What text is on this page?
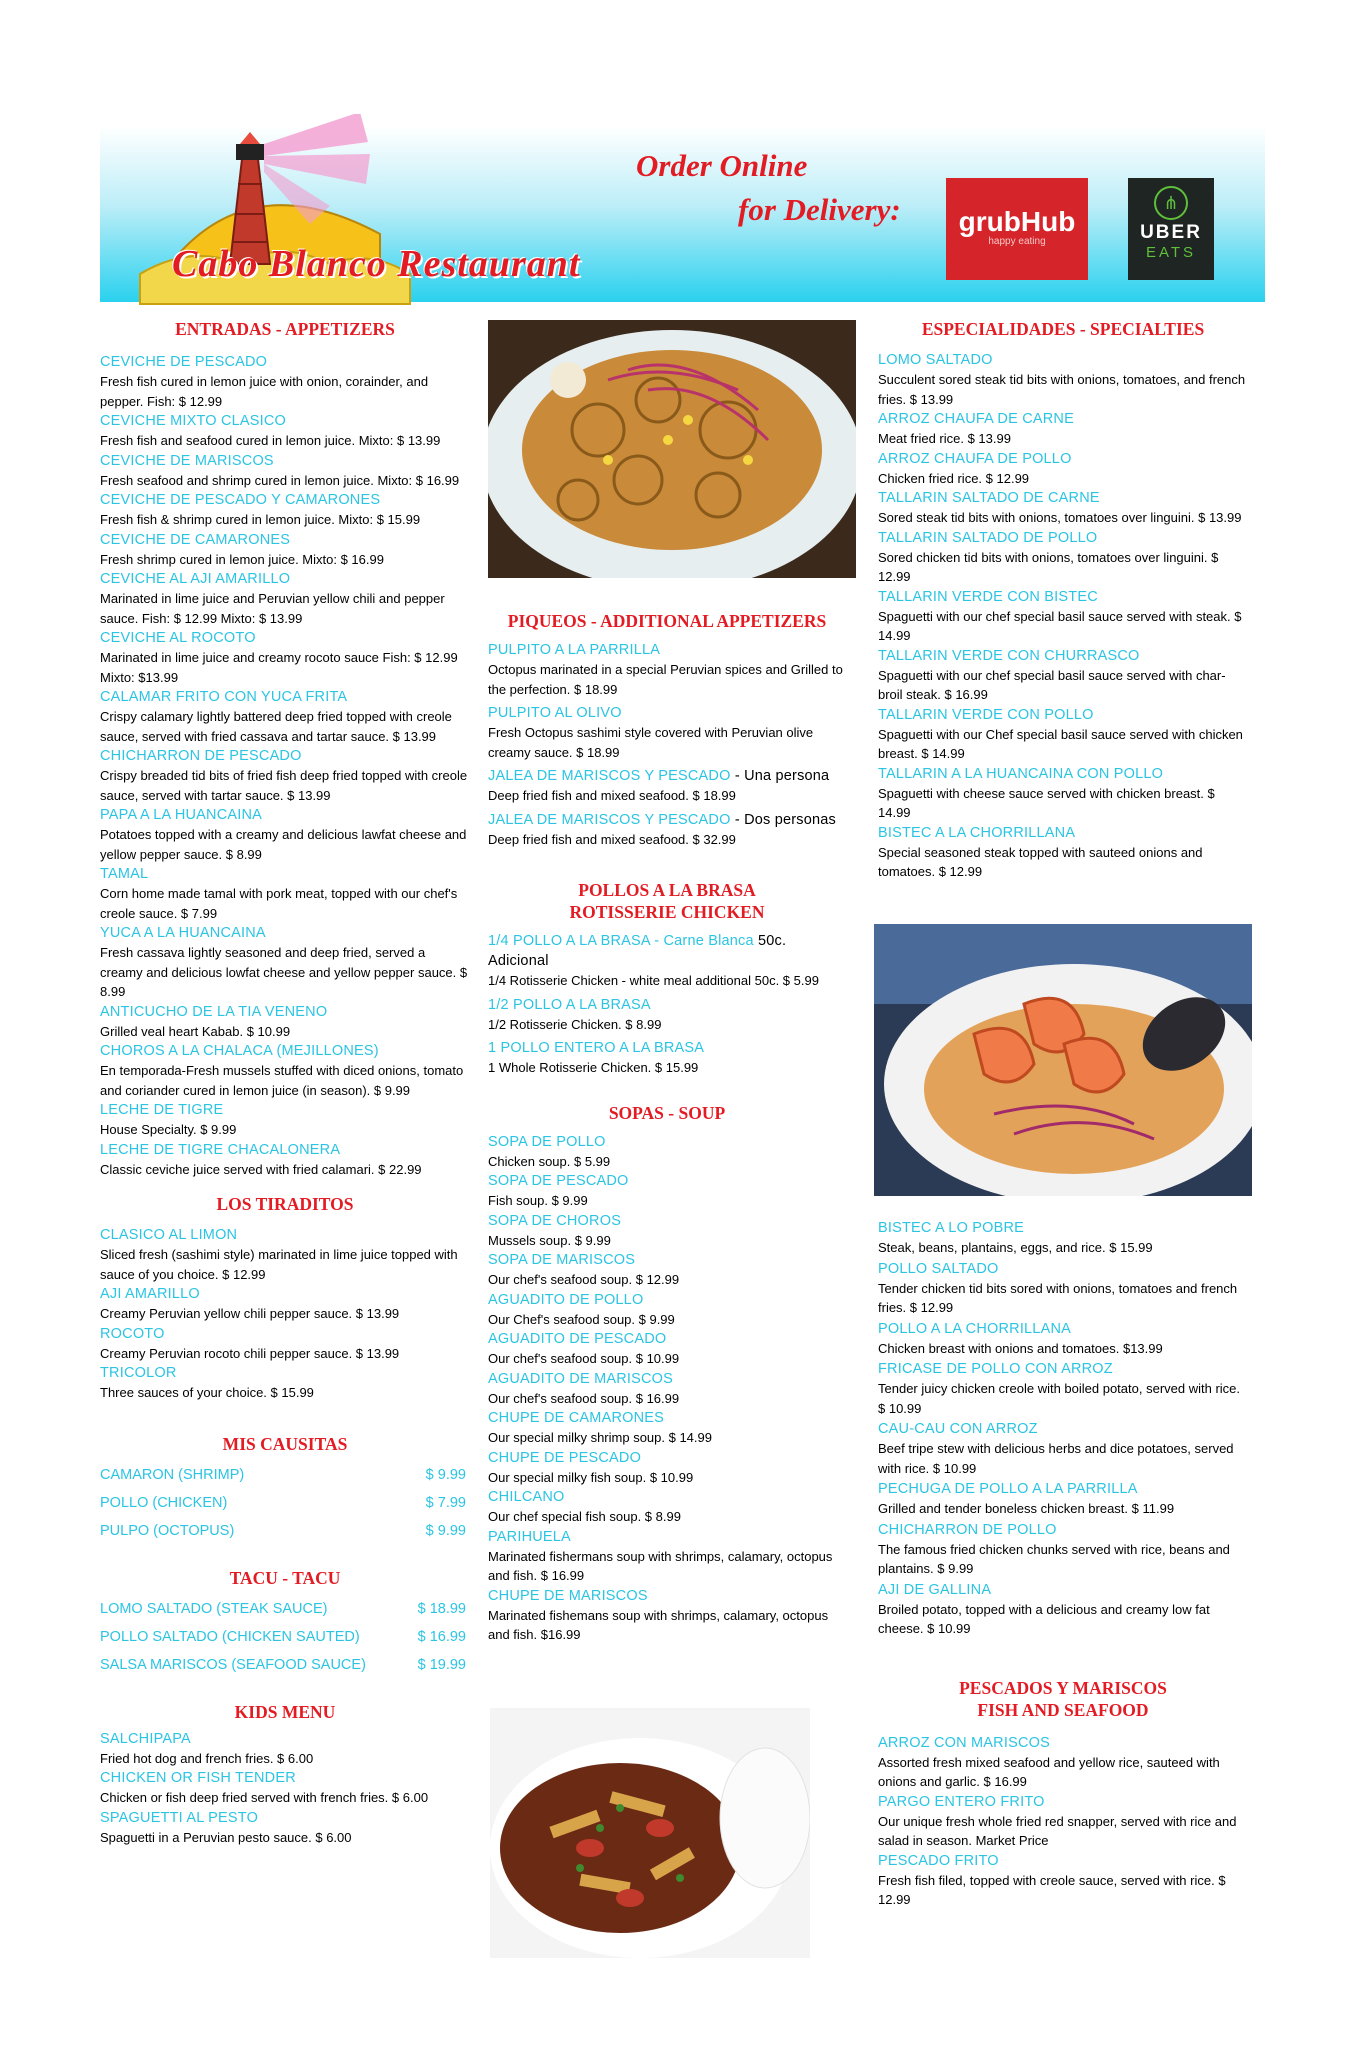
Cabo Blanco Restaurant
Order Online
for Delivery:	grubHub
happy eating
⋔
UBER
EATS
ENTRADAS - APPETIZERS
CEVICHE DE PESCADO
Fresh fish cured in lemon juice with onion, corainder, and pepper. Fish: $ 12.99
CEVICHE MIXTO CLASICO
Fresh fish and seafood cured in lemon juice. Mixto: $ 13.99
CEVICHE DE MARISCOS
Fresh seafood and shrimp cured in lemon juice. Mixto: $ 16.99
CEVICHE DE PESCADO Y CAMARONES
Fresh fish & shrimp cured in lemon juice. Mixto: $ 15.99
CEVICHE DE CAMARONES
Fresh shrimp cured in lemon juice. Mixto: $ 16.99
CEVICHE AL AJI AMARILLO
Marinated in lime juice and Peruvian yellow chili and pepper sauce. Fish: $ 12.99 Mixto: $ 13.99
CEVICHE AL ROCOTO
Marinated in lime juice and creamy rocoto sauce Fish: $ 12.99 Mixto: $13.99
CALAMAR FRITO CON YUCA FRITA
Crispy calamary lightly battered deep fried topped with creole sauce, served with fried cassava and tartar sauce. $ 13.99
CHICHARRON DE PESCADO
Crispy breaded tid bits of fried fish deep fried topped with creole sauce, served with tartar sauce. $ 13.99
PAPA A LA HUANCAINA
Potatoes topped with a creamy and delicious lawfat cheese and yellow pepper sauce. $ 8.99
TAMAL
Corn home made tamal with pork meat, topped with our chef's creole sauce. $ 7.99
YUCA A LA HUANCAINA
Fresh cassava lightly seasoned and deep fried, served a creamy and delicious lowfat cheese and yellow pepper sauce. $ 8.99
ANTICUCHO DE LA TIA VENENO
Grilled veal heart Kabab. $ 10.99
CHOROS A LA CHALACA (MEJILLONES)
En temporada-Fresh mussels stuffed with diced onions, tomato and coriander cured in lemon juice (in season). $ 9.99
LECHE DE TIGRE
House Specialty. $ 9.99
LECHE DE TIGRE CHACALONERA
Classic ceviche juice served with fried calamari. $ 22.99
LOS TIRADITOS
CLASICO AL LIMON
Sliced fresh (sashimi style) marinated in lime juice topped with sauce of you choice. $ 12.99
AJI AMARILLO
Creamy Peruvian yellow chili pepper sauce. $ 13.99
ROCOTO
Creamy Peruvian rocoto chili pepper sauce. $ 13.99
TRICOLOR
Three sauces of your choice. $ 15.99
MIS CAUSITAS
CAMARON (SHRIMP)	$ 9.99
POLLO (CHICKEN)	$ 7.99
PULPO (OCTOPUS)	$ 9.99
TACU - TACU
LOMO SALTADO (STEAK SAUCE)	$ 18.99
POLLO SALTADO (CHICKEN SAUTED)	$ 16.99
SALSA MARISCOS (SEAFOOD SAUCE)	$ 19.99
KIDS MENU
SALCHIPAPA
Fried hot dog and french fries. $ 6.00
CHICKEN OR FISH TENDER
Chicken or fish deep fried served with french fries. $ 6.00
SPAGUETTI AL PESTO
Spaguetti in a Peruvian pesto sauce. $ 6.00
PIQUEOS - ADDITIONAL APPETIZERS
PULPITO A LA PARRILLA
Octopus marinated in a special Peruvian spices and Grilled to the perfection. $ 18.99
PULPITO AL OLIVO
Fresh Octopus sashimi style covered with Peruvian olive creamy sauce. $ 18.99
JALEA DE MARISCOS Y PESCADO - Una persona
Deep fried fish and mixed seafood. $ 18.99
JALEA DE MARISCOS Y PESCADO - Dos personas
Deep fried fish and mixed seafood. $ 32.99
POLLOS A LA BRASA
ROTISSERIE CHICKEN
1/4 POLLO A LA BRASA - Carne Blanca 50c. Adicional
1/4 Rotisserie Chicken - white meal additional 50c. $ 5.99
1/2 POLLO A LA BRASA
1/2 Rotisserie Chicken. $ 8.99
1 POLLO ENTERO A LA BRASA
1 Whole Rotisserie Chicken. $ 15.99
SOPAS - SOUP
SOPA DE POLLO
Chicken soup. $ 5.99
SOPA DE PESCADO
Fish soup. $ 9.99
SOPA DE CHOROS
Mussels soup. $ 9.99
SOPA DE MARISCOS
Our chef's seafood soup. $ 12.99
AGUADITO DE POLLO
Our Chef's seafood soup. $ 9.99
AGUADITO DE PESCADO
Our chef's seafood soup. $ 10.99
AGUADITO DE MARISCOS
Our chef's seafood soup. $ 16.99
CHUPE DE CAMARONES
Our special milky shrimp soup. $ 14.99
CHUPE DE PESCADO
Our special milky fish soup. $ 10.99
CHILCANO
Our chef special fish soup. $ 8.99
PARIHUELA
Marinated fishermans soup with shrimps, calamary, octopus and fish. $ 16.99
CHUPE DE MARISCOS
Marinated fishemans soup with shrimps, calamary, octopus and fish. $16.99
ESPECIALIDADES - SPECIALTIES
LOMO SALTADO
Succulent sored steak tid bits with onions, tomatoes, and french fries. $ 13.99
ARROZ CHAUFA DE CARNE
Meat fried rice. $ 13.99
ARROZ CHAUFA DE POLLO
Chicken fried rice. $ 12.99
TALLARIN SALTADO DE CARNE
Sored steak tid bits with onions, tomatoes over linguini. $ 13.99
TALLARIN SALTADO DE POLLO
Sored chicken tid bits with onions, tomatoes over linguini. $ 12.99
TALLARIN VERDE CON BISTEC
Spaguetti with our chef special basil sauce served with steak. $ 14.99
TALLARIN VERDE CON CHURRASCO
Spaguetti with our chef special basil sauce served with char-broil steak. $ 16.99
TALLARIN VERDE CON POLLO
Spaguetti with our Chef special basil sauce served with chicken breast. $ 14.99
TALLARIN A LA HUANCAINA CON POLLO
Spaguetti with cheese sauce served with chicken breast. $ 14.99
BISTEC A LA CHORRILLANA
Special seasoned steak topped with sauteed onions and tomatoes. $ 12.99
BISTEC A LO POBRE
Steak, beans, plantains, eggs, and rice. $ 15.99
POLLO SALTADO
Tender chicken tid bits sored with onions, tomatoes and french fries. $ 12.99
POLLO A LA CHORRILLANA
Chicken breast with onions and tomatoes. $13.99
FRICASE DE POLLO CON ARROZ
Tender juicy chicken creole with boiled potato, served with rice. $ 10.99
CAU-CAU CON ARROZ
Beef tripe stew with delicious herbs and dice potatoes, served with rice. $ 10.99
PECHUGA DE POLLO A LA PARRILLA
Grilled and tender boneless chicken breast. $ 11.99
CHICHARRON DE POLLO
The famous fried chicken chunks served with rice, beans and plantains. $ 9.99
AJI DE GALLINA
Broiled potato, topped with a delicious and creamy low fat cheese. $ 10.99
PESCADOS Y MARISCOS
FISH AND SEAFOOD
ARROZ CON MARISCOS
Assorted fresh mixed seafood and yellow rice, sauteed with onions and garlic. $ 16.99
PARGO ENTERO FRITO
Our unique fresh whole fried red snapper, served with rice and salad in season. Market Price
PESCADO FRITO
Fresh fish filed, topped with creole sauce, served with rice. $ 12.99
